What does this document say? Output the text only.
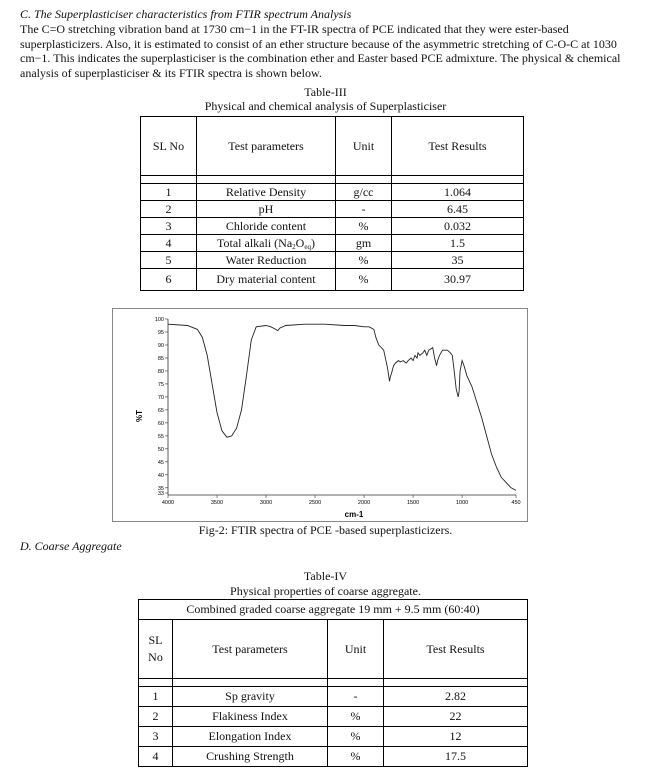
C. The Superplasticiser characteristics from FTIR spectrum Analysis
The C=O stretching vibration band at 1730 cm−1 in the FT-IR spectra of PCE indicated that they were ester-based superplasticizers. Also, it is estimated to consist of an ether structure because of the asymmetric stretching of C-O-C at 1030 cm−1. This indicates the superplasticiser is the combination ether and Easter based PCE admixture. The physical & chemical analysis of superplasticiser & its FTIR spectra is shown below.
Table-III
Physical and chemical analysis of Superplasticiser
SL No	Test parameters	Unit	Test Results

1	Relative Density	g/cc	1.064
2	pH	-	6.45
3	Chloride content	%	0.032
4	Total alkali $(Na_2O_{eq})$	gm	1.5
5	Water Reduction	%	35
6	Dry material content	%	30.97
33
35
40
45
50
55
60
65
70
75
80
85
90
95
100
4000	3500	3000	2500	2000	1500	1000	450
%T
cm-1
Fig-2: FTIR spectra of PCE -based superplasticizers.
D. Coarse Aggregate
Table-IV
Physical properties of coarse aggregate.
Combined graded coarse aggregate 19 mm + 9.5 mm (60:40)			
SL
No	Test parameters	Unit	Test Results

1	Sp gravity	-	2.82
2	Flakiness Index	%	22
3	Elongation Index	%	12
4	Crushing Strength	%	17.5
